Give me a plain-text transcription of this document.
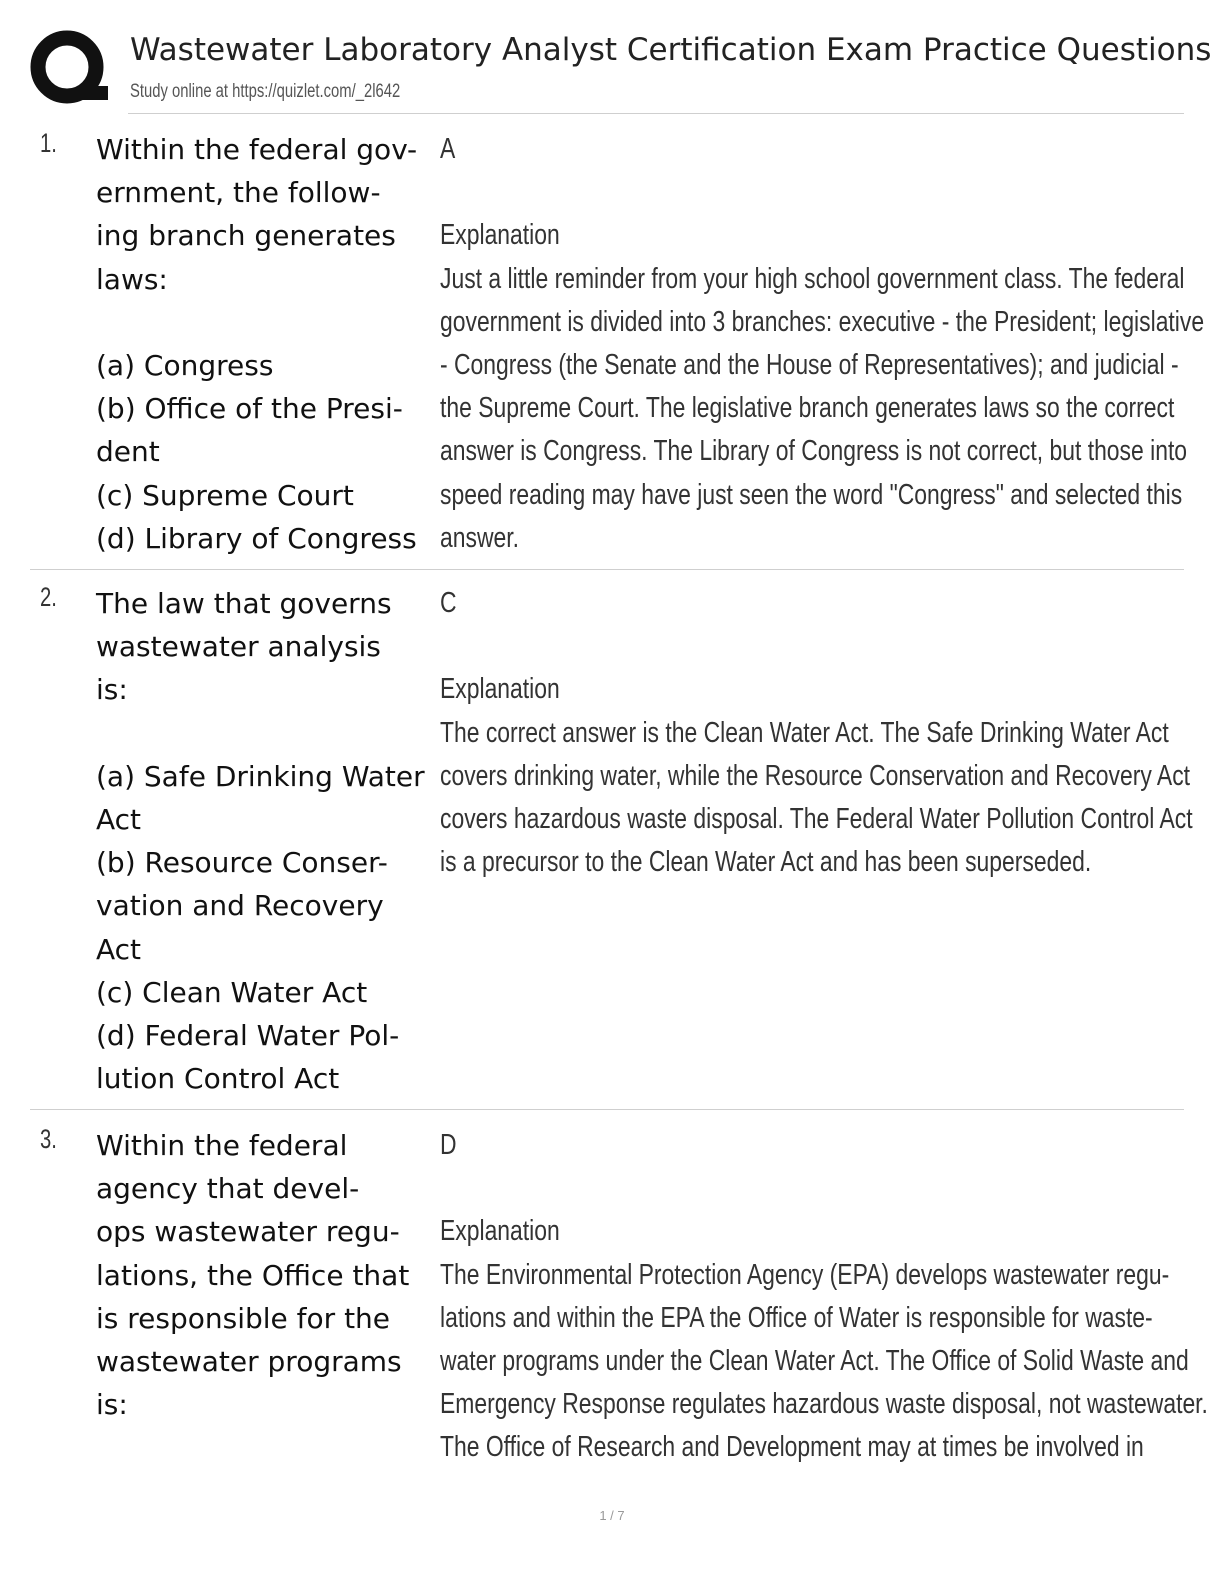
Wastewater Laboratory Analyst Certification Exam Practice Questions
Study online at https://quizlet.com/_2l642
1. Within the federal gov-
ernment, the follow-
ing branch generates
laws:
(a) Congress
(b) Office of the Presi-
dent
(c) Supreme Court
(d) Library of Congress
A
Explanation
Just a little reminder from your high school government class. The federal
government is divided into 3 branches: executive - the President; legislative
- Congress (the Senate and the House of Representatives); and judicial -
the Supreme Court. The legislative branch generates laws so the correct
answer is Congress. The Library of Congress is not correct, but those into
speed reading may have just seen the word "Congress" and selected this
answer.
2. The law that governs
wastewater analysis
is:
(a) Safe Drinking Water
Act
(b) Resource Conser-
vation and Recovery
Act
(c) Clean Water Act
(d) Federal Water Pol-
lution Control Act
C
Explanation
The correct answer is the Clean Water Act. The Safe Drinking Water Act
covers drinking water, while the Resource Conservation and Recovery Act
covers hazardous waste disposal. The Federal Water Pollution Control Act
is a precursor to the Clean Water Act and has been superseded.
3. Within the federal
agency that devel-
ops wastewater regu-
lations, the Office that
is responsible for the
wastewater programs
is:
D
Explanation
The Environmental Protection Agency (EPA) develops wastewater regu-
lations and within the EPA the Office of Water is responsible for waste-
water programs under the Clean Water Act. The Office of Solid Waste and
Emergency Response regulates hazardous waste disposal, not wastewater.
The Office of Research and Development may at times be involved in
1 / 7
